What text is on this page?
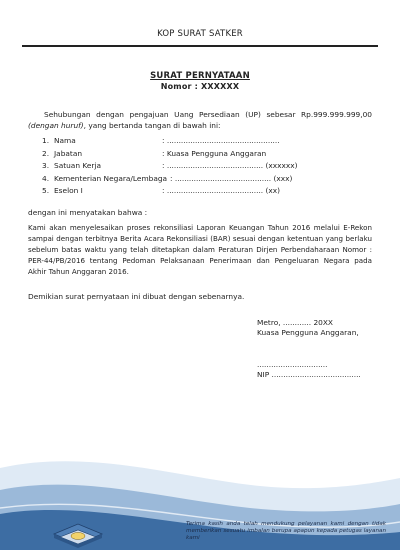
KOP SURAT SATKER
SURAT PERNYATAAN
Nomor : XXXXXX
Sehubungan dengan pengajuan Uang Persediaan (UP) sebesar Rp.999.999.999,00 (dengan huruf), yang bertanda tangan di bawah ini:
1. Nama	: ................................................
2. Jabatan	: Kuasa Pengguna Anggaran
3. Satuan Kerja	: ......................................... (xxxxxx)
4. Kementerian Negara/Lembaga : ......................................... (xxx)
5. Eselon I	: ......................................... (xx)
dengan ini menyatakan bahwa :
Kami akan menyelesaikan proses rekonsiliasi Laporan Keuangan Tahun 2016 melalui E-Rekon sampai dengan terbitnya Berita Acara Rekonsiliasi (BAR) sesuai dengan ketentuan yang berlaku sebelum batas waktu yang telah ditetapkan dalam Peraturan Dirjen Perbendaharaan Nomor : PER-44/PB/2016 tentang Pedoman Pelaksanaan Penerimaan dan Pengeluaran Negara pada Akhir Tahun Anggaran 2016.
Demikian surat pernyataan ini dibuat dengan sebenarnya.
Metro, ............ 20XX
Kuasa Pengguna Anggaran,
..............................
NIP ......................................
Terima kasih anda telah mendukung pelayanan kami dengan tidak memberikan sesuatu imbalan berupa apapun kepada petugas layanan kami
